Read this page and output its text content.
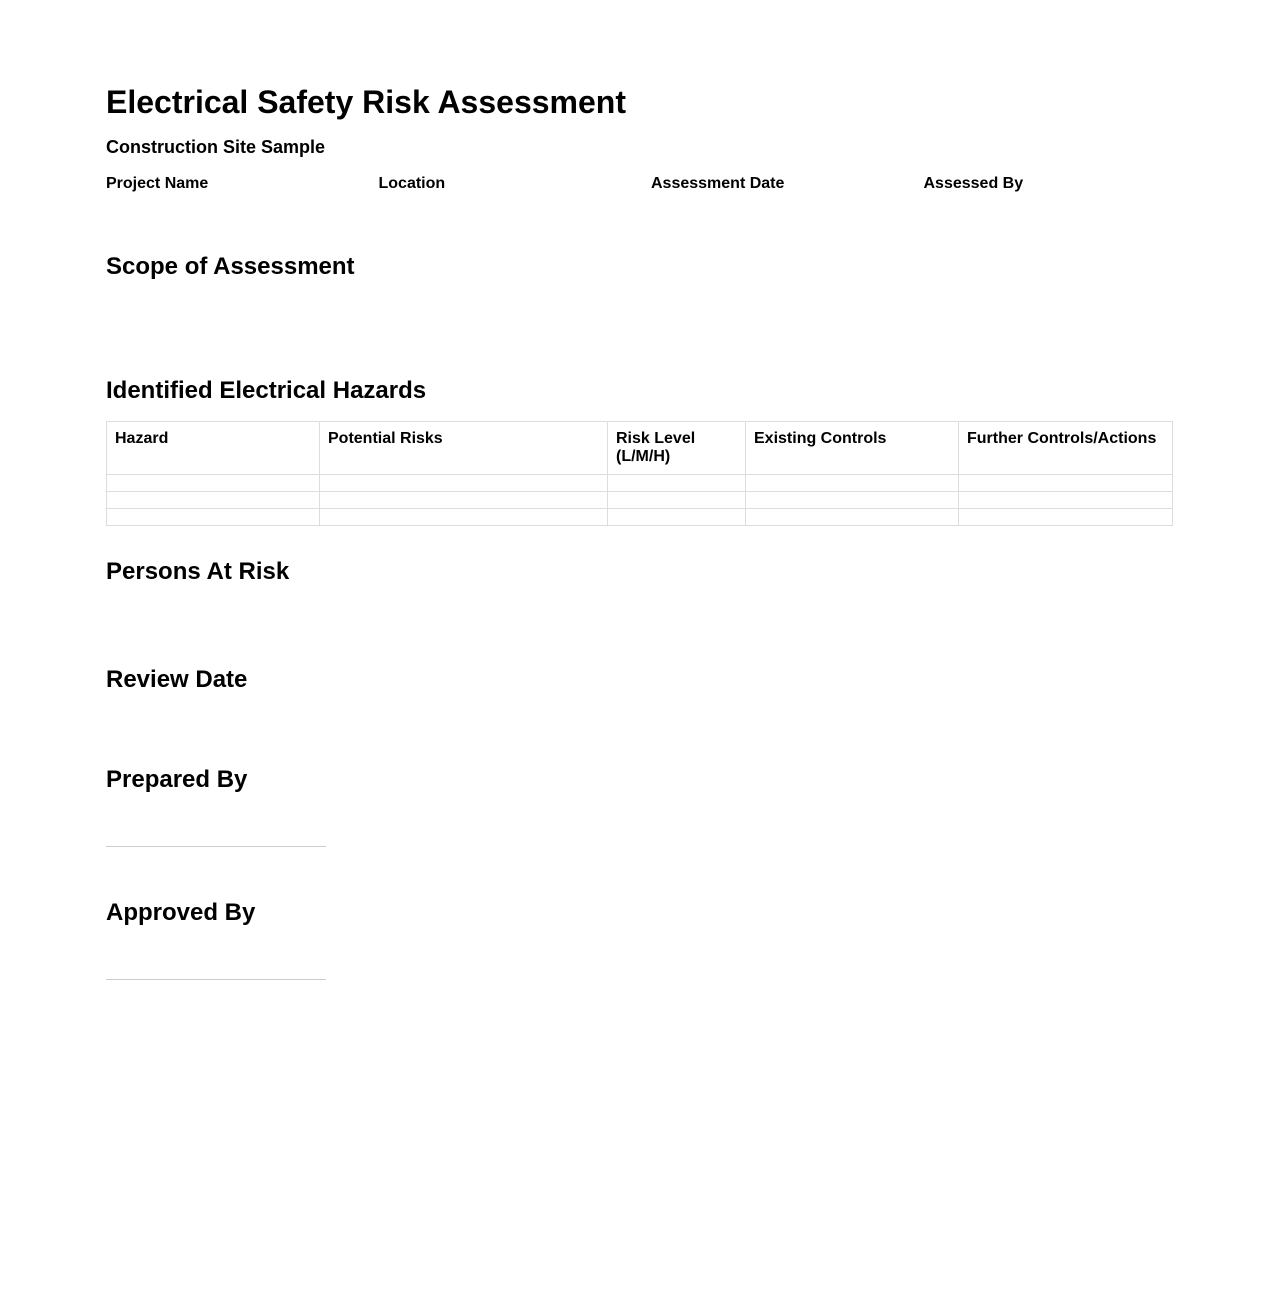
Electrical Safety Risk Assessment
Construction Site Sample
Project Name	Location	Assessment Date	Assessed By
Scope of Assessment
Identified Electrical Hazards
Hazard	Potential Risks	Risk Level (L/M/H)	Existing Controls	Further Controls/Actions

Persons At Risk
Review Date
Prepared By
Approved By
